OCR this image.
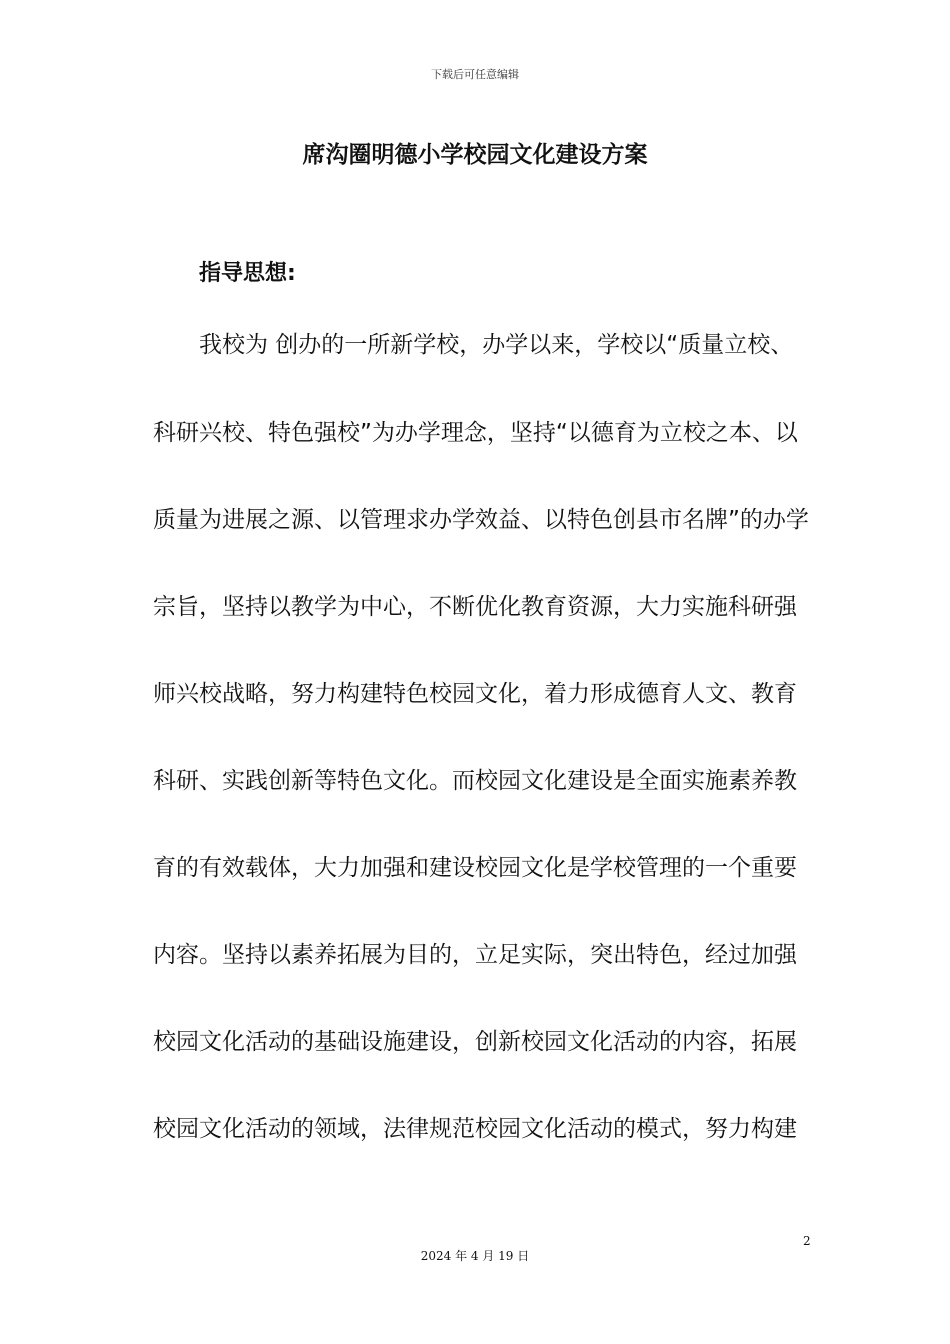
下载后可任意编辑
席沟圈明德小学校园文化建设方案
指导思想:
我校为 创办的一所新学校，办学以来，学校以“质量立校、
科研兴校、特色强校”为办学理念，坚持“以德育为立校之本、以
质量为进展之源、以管理求办学效益、以特色创县市名牌”的办学
宗旨，坚持以教学为中心，不断优化教育资源，大力实施科研强
师兴校战略，努力构建特色校园文化，着力形成德育人文、教育
科研、实践创新等特色文化。而校园文化建设是全面实施素养教
育的有效载体，大力加强和建设校园文化是学校管理的一个重要
内容。坚持以素养拓展为目的，立足实际，突出特色，经过加强
校园文化活动的基础设施建设，创新校园文化活动的内容，拓展
校园文化活动的领域，法律规范校园文化活动的模式，努力构建
2
2024 年 4 月 19 日
